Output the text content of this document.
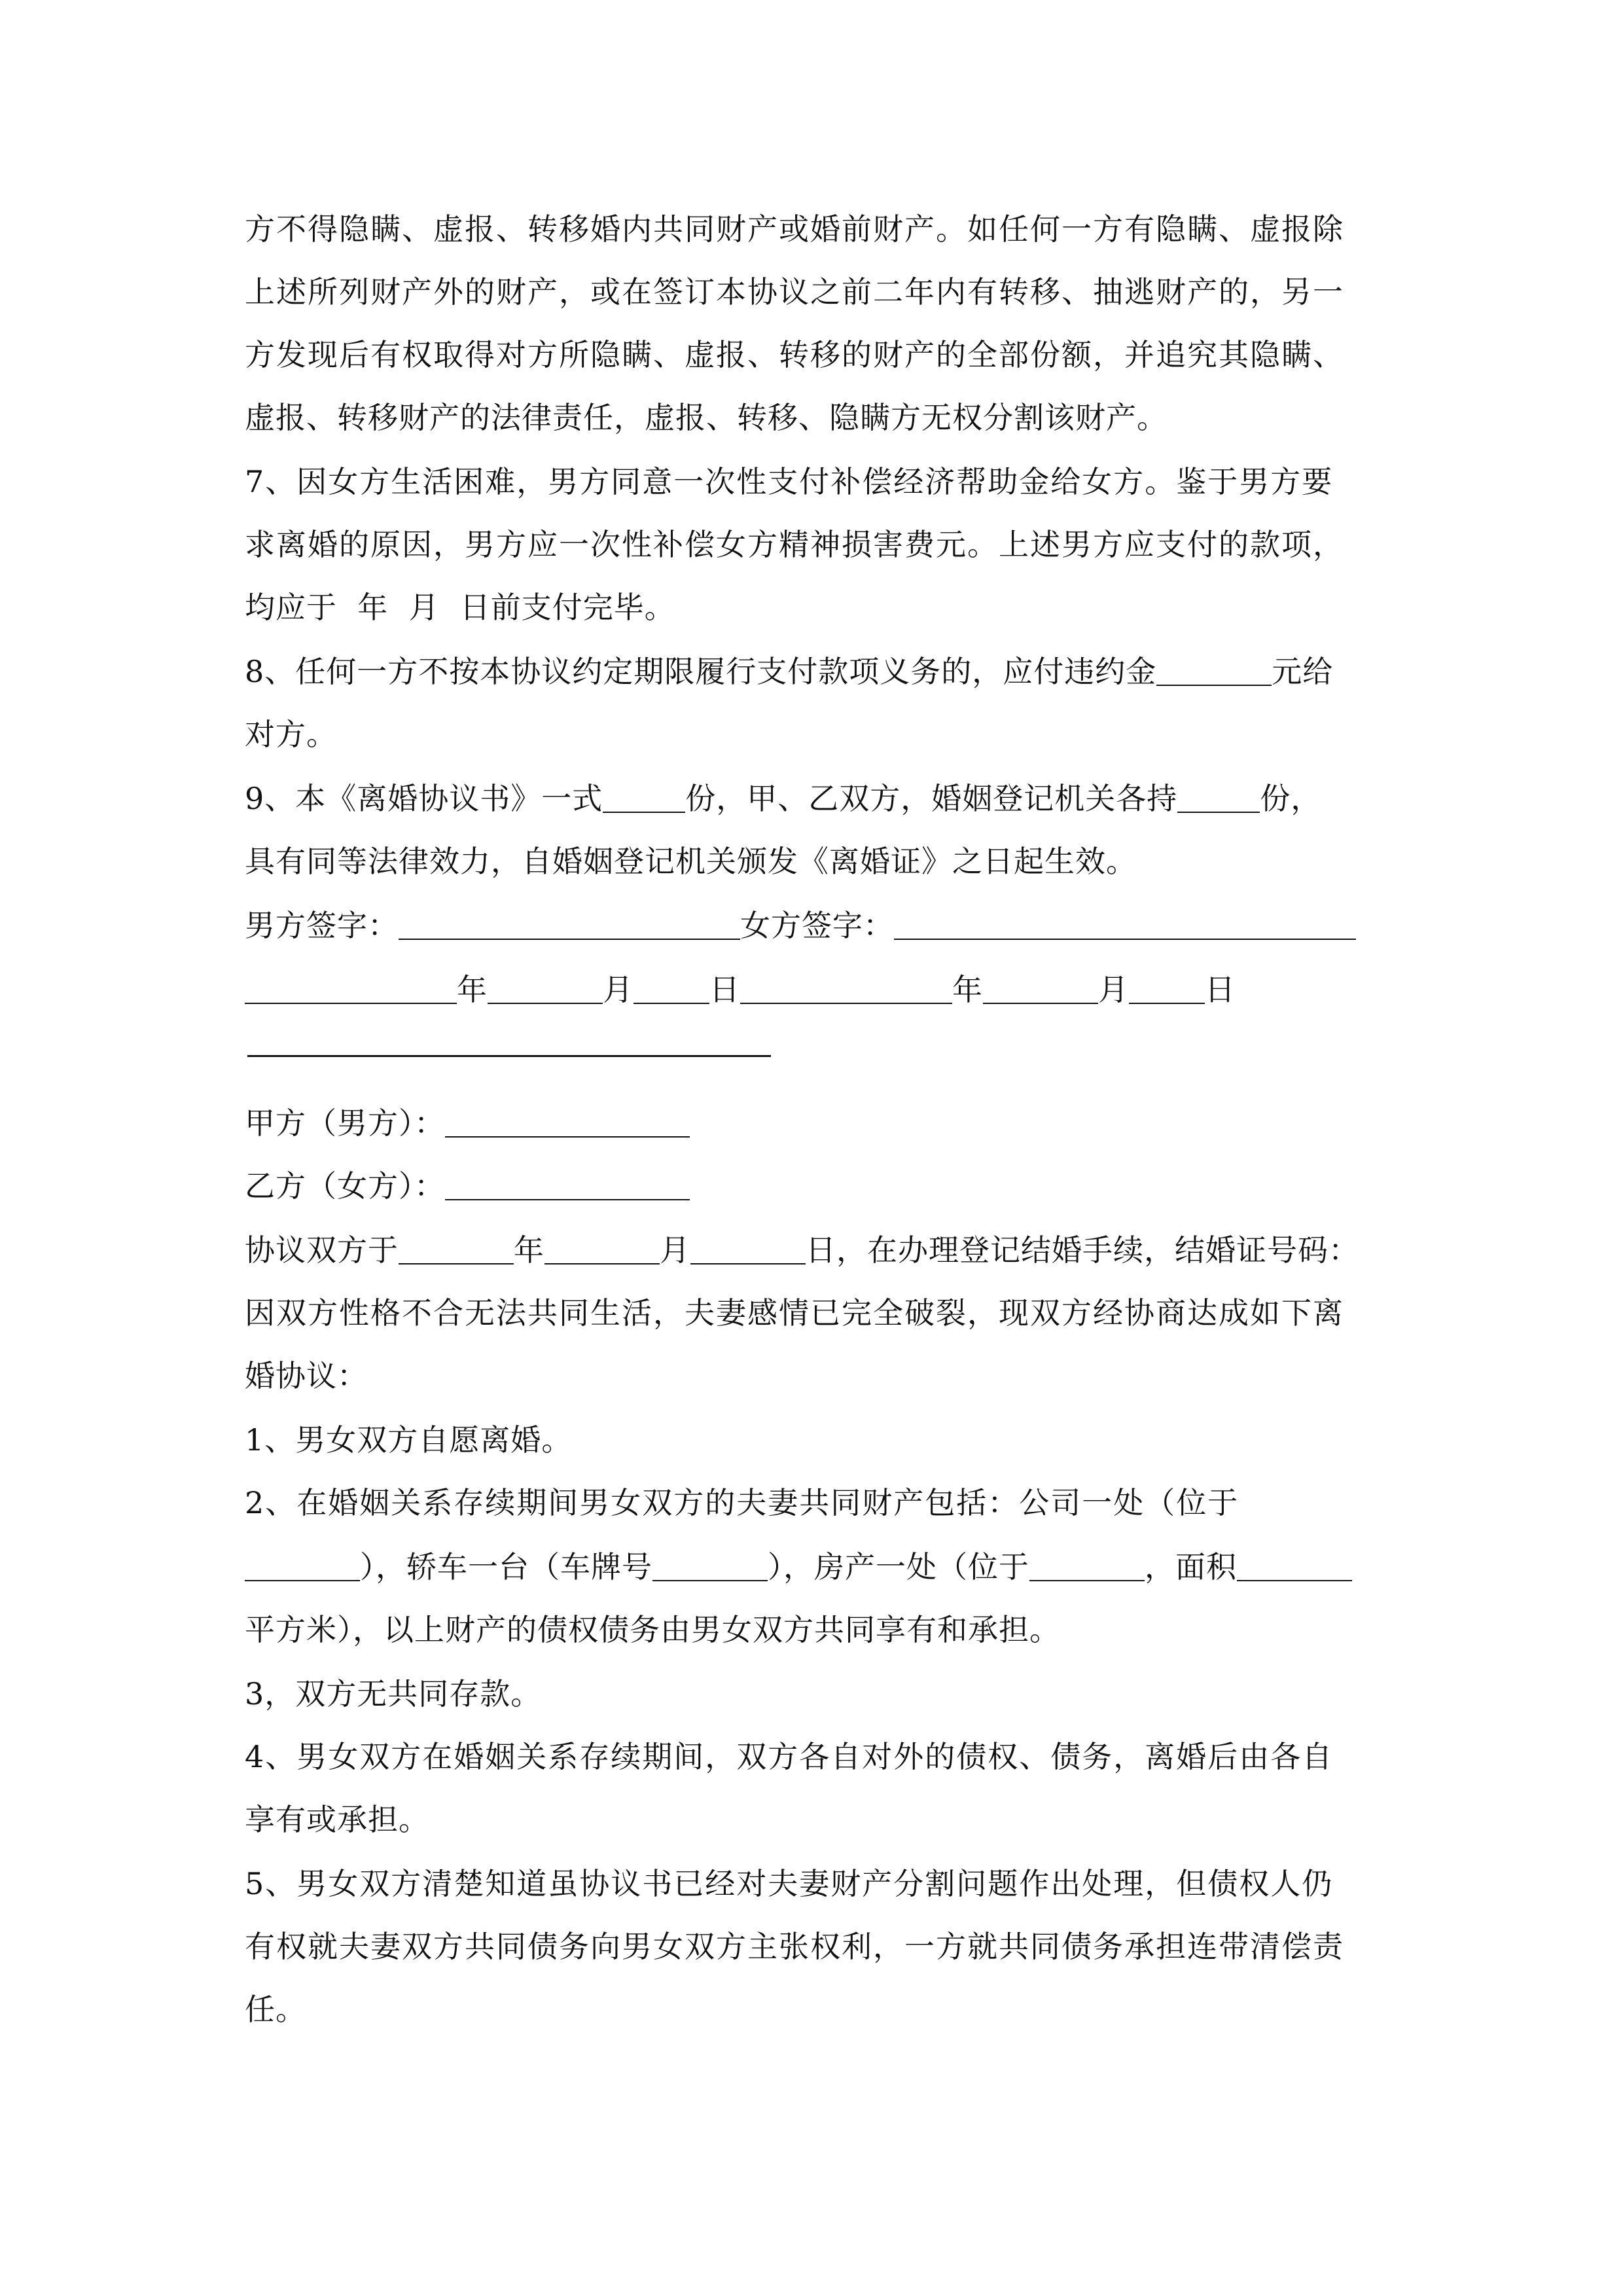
方不得隐瞒、虚报、转移婚内共同财产或婚前财产。如任何一方有隐瞒、虚报除
上述所列财产外的财产，或在签订本协议之前二年内有转移、抽逃财产的，另一
方发现后有权取得对方所隐瞒、虚报、转移的财产的全部份额，并追究其隐瞒、
虚报、转移财产的法律责任，虚报、转移、隐瞒方无权分割该财产。
7、因女方生活困难，男方同意一次性支付补偿经济帮助金给女方。鉴于男方要
求离婚的原因，男方应一次性补偿女方精神损害费元。上述男方应支付的款项，
均应于  年  月  日前支付完毕。
8、任何一方不按本协议约定期限履行支付款项义务的，应付违约金	元给
对方。
9、本《离婚协议书》一式	份，甲、乙双方，婚姻登记机关各持	份，
具有同等法律效力，自婚姻登记机关颁发《离婚证》之日起生效。
男方签字：	女方签字：
年	月	日	年	月	日
甲方（男方）：
乙方（女方）：
协议双方于	年	月	日，在办理登记结婚手续，结婚证号码：
因双方性格不合无法共同生活，夫妻感情已完全破裂，现双方经协商达成如下离
婚协议：
1、男女双方自愿离婚。
2、在婚姻关系存续期间男女双方的夫妻共同财产包括：公司一处（位于
），轿车一台（车牌号	），房产一处（位于	，面积
平方米），以上财产的债权债务由男女双方共同享有和承担。
3，双方无共同存款。
4、男女双方在婚姻关系存续期间，双方各自对外的债权、债务，离婚后由各自
享有或承担。
5、男女双方清楚知道虽协议书已经对夫妻财产分割问题作出处理，但债权人仍
有权就夫妻双方共同债务向男女双方主张权利，一方就共同债务承担连带清偿责
任。
